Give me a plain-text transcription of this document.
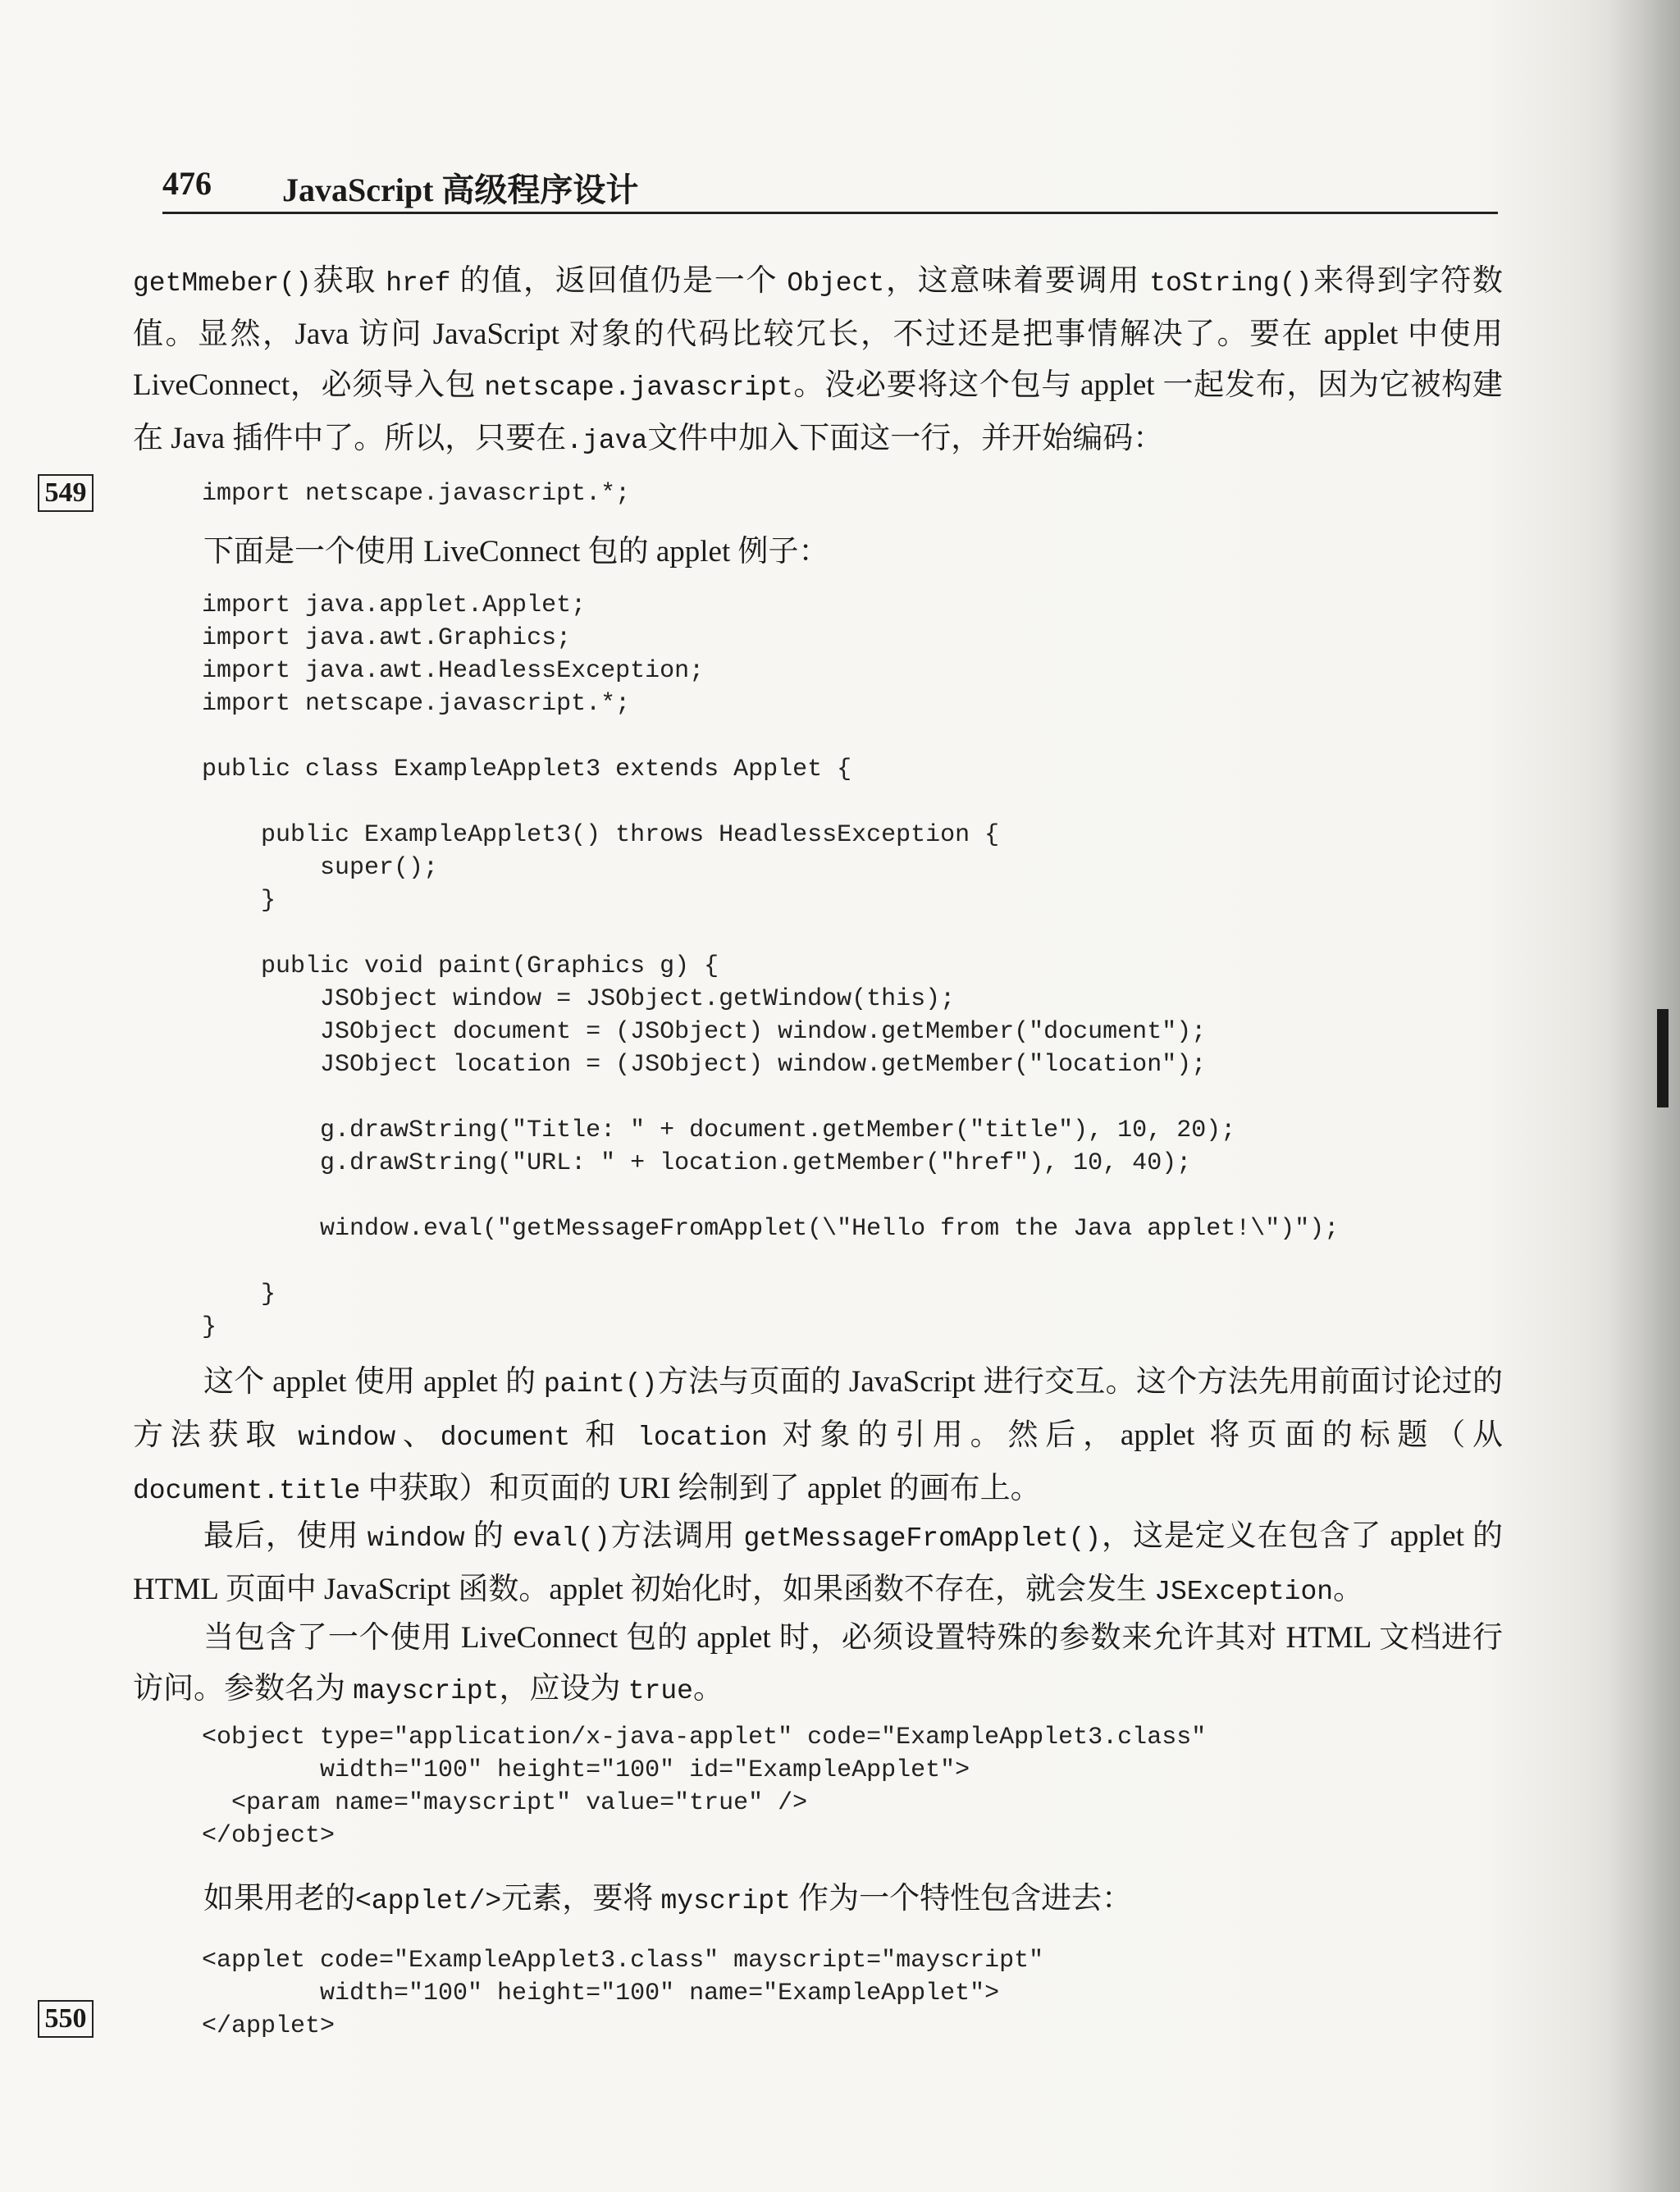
476 JavaScript 高级程序设计
getMmeber()获取 href 的值，返回值仍是一个 Object，这意味着要调用 toString()来得到字符数值。显然，Java 访问 JavaScript 对象的代码比较冗长，不过还是把事情解决了。要在 applet 中使用 LiveConnect，必须导入包 netscape.javascript。没必要将这个包与 applet 一起发布，因为它被构建在 Java 插件中了。所以，只要在.java文件中加入下面这一行，并开始编码：
549	import netscape.javascript.*;
下面是一个使用 LiveConnect 包的 applet 例子：
import java.applet.Applet;
import java.awt.Graphics;
import java.awt.HeadlessException;
import netscape.javascript.*;

public class ExampleApplet3 extends Applet {

public ExampleApplet3() throws HeadlessException {
super();
}

public void paint(Graphics g) {
JSObject window = JSObject.getWindow(this);
JSObject document = (JSObject) window.getMember("document");
JSObject location = (JSObject) window.getMember("location");

g.drawString("Title: " + document.getMember("title"), 10, 20);
g.drawString("URL: " + location.getMember("href"), 10, 40);

window.eval("getMessageFromApplet(\"Hello from the Java applet!\")");

}
}
这个 applet 使用 applet 的 paint()方法与页面的 JavaScript 进行交互。这个方法先用前面讨论过的方法获取 window、document 和 location 对象的引用。然后，applet 将页面的标题（从 document.title 中获取）和页面的 URI 绘制到了 applet 的画布上。
最后，使用 window 的 eval()方法调用 getMessageFromApplet()，这是定义在包含了 applet 的 HTML 页面中 JavaScript 函数。applet 初始化时，如果函数不存在，就会发生 JSException。
当包含了一个使用 LiveConnect 包的 applet 时，必须设置特殊的参数来允许其对 HTML 文档进行访问。参数名为 mayscript，应设为 true。
<object type="application/x-java-applet" code="ExampleApplet3.class"
width="100" height="100" id="ExampleApplet">
<param name="mayscript" value="true" />
</object>
如果用老的<applet/>元素，要将 myscript 作为一个特性包含进去：
<applet code="ExampleApplet3.class" mayscript="mayscript"
width="100" height="100" name="ExampleApplet">
</applet>
550
